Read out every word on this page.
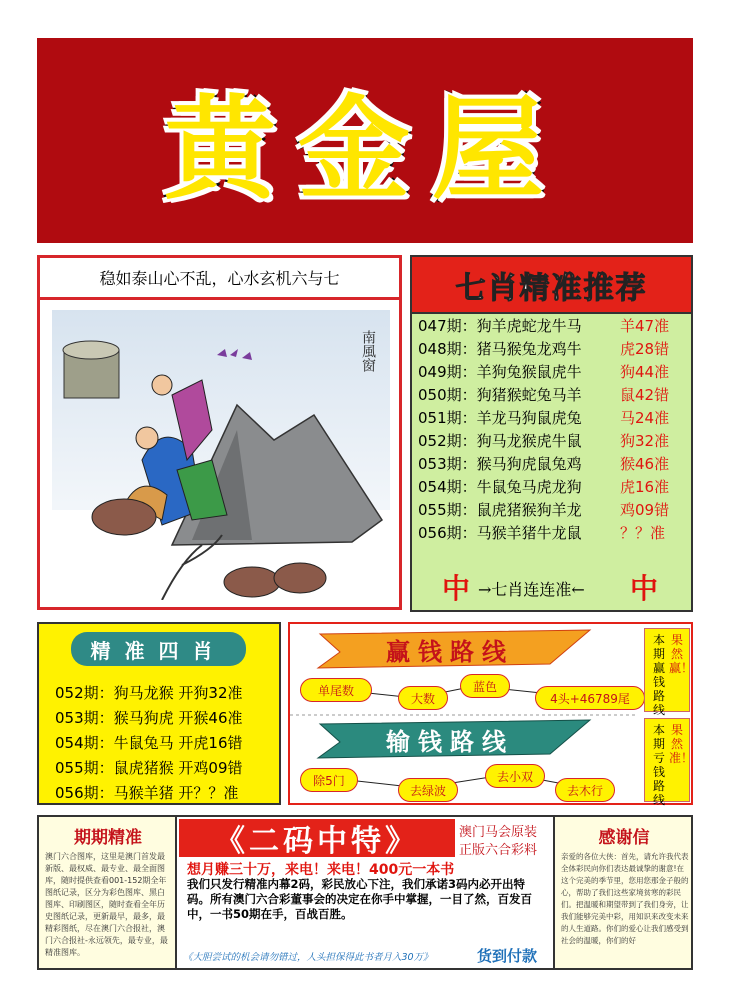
黄金屋
稳如泰山心不乱，心水玄机六与七
南風窗
七肖精准推荐
047期：狗羊虎蛇龙牛马	羊47准
048期：猪马猴兔龙鸡牛	虎28错
049期：羊狗兔猴鼠虎牛	狗44准
050期：狗猪猴蛇兔马羊	鼠42错
051期：羊龙马狗鼠虎兔	马24准
052期：狗马龙猴虎牛鼠	狗32准
053期：猴马狗虎鼠兔鸡	猴46准
054期：牛鼠兔马虎龙狗	虎16准
055期：鼠虎猪猴狗羊龙	鸡09错
056期：马猴羊猪牛龙鼠	？？准
中 →七肖连连准← 中
精准四肖
052期：狗马龙猴 开狗32准
053期：猴马狗虎 开猴46准
054期：牛鼠兔马 开虎16错
055期：鼠虎猪猴 开鸡09错
056期：马猴羊猪 开？？准
赢钱路线
输钱路线
单尾数
大数
蓝色
4头+46789尾
除5门
去绿波
去小双
去木行
本期赢钱路线
果然赢！
本期亏钱路线
果然准！
期期精准
澳门六合图库，这里是澳门首发最新版、最权威、最专业、最全面图库，随时提供查看001-152期全年图纸记录，区分为彩色图库、黑白图库、印刷图区，随时查看全年历史图纸记录，更新最早，最多，最精彩图纸，尽在澳门六合报社，澳门六合报社-永远领先，最专业，最精准图库。
《二码中特》	澳门马会原装
正版六合彩料
想月赚三十万，来电！来电！400元一本书
我们只发行精准内幕2码，彩民放心下注，我们承诺3码内必开出特码。所有澳门六合彩董事会的决定在你手中掌握，一目了然，百发百中，一书50期在手，百战百胜。
《大胆尝试的机会请勿错过，人头担保得此书者月入30万》	货到付款
感谢信
亲爱的各位大侠：首先，请允许我代表全体彩民向你们表达最诚挚的谢意!在这个完美的季节里，您用您那金子般的心，帮助了我们这些家境贫寒的彩民们。把温暖和期望带到了我们身旁，让我们能够完美中彩，用知识来改变未来的人生道路。你们的爱心让我们感受到社会的温暖，你们的好
